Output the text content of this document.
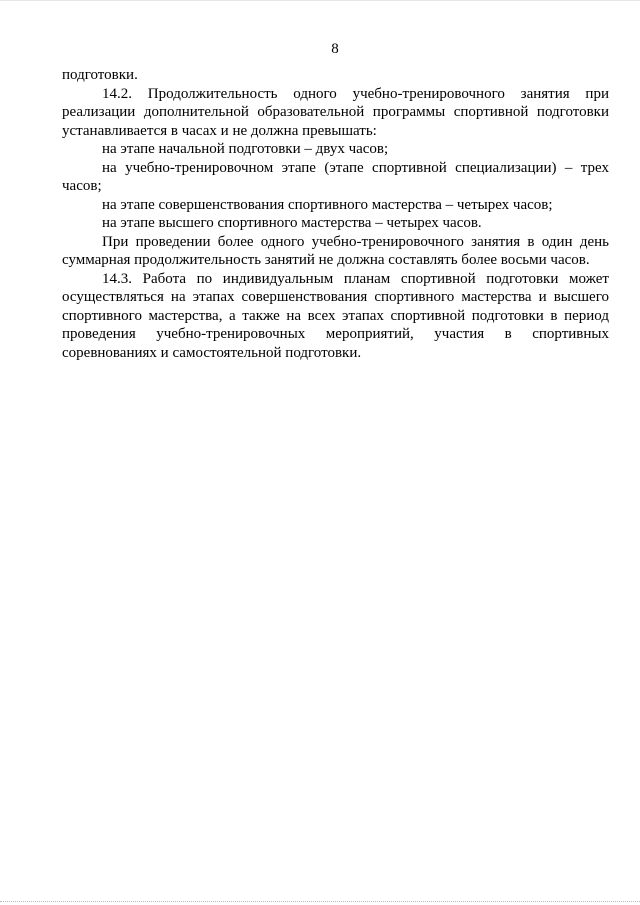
8

подготовки.

14.2. Продолжительность одного учебно-тренировочного занятия при реализации дополнительной образовательной программы спортивной подготовки устанавливается в часах и не должна превышать:

на этапе начальной подготовки – двух часов;

на учебно-тренировочном этапе (этапе спортивной специализации) – трех часов;

на этапе совершенствования спортивного мастерства – четырех часов;

на этапе высшего спортивного мастерства – четырех часов.

При проведении более одного учебно-тренировочного занятия в один день суммарная продолжительность занятий не должна составлять более восьми часов.

14.3. Работа по индивидуальным планам спортивной подготовки может осуществляться на этапах совершенствования спортивного мастерства и высшего спортивного мастерства, а также на всех этапах спортивной подготовки в период проведения учебно-тренировочных мероприятий, участия в спортивных соревнованиях и самостоятельной подготовки.
